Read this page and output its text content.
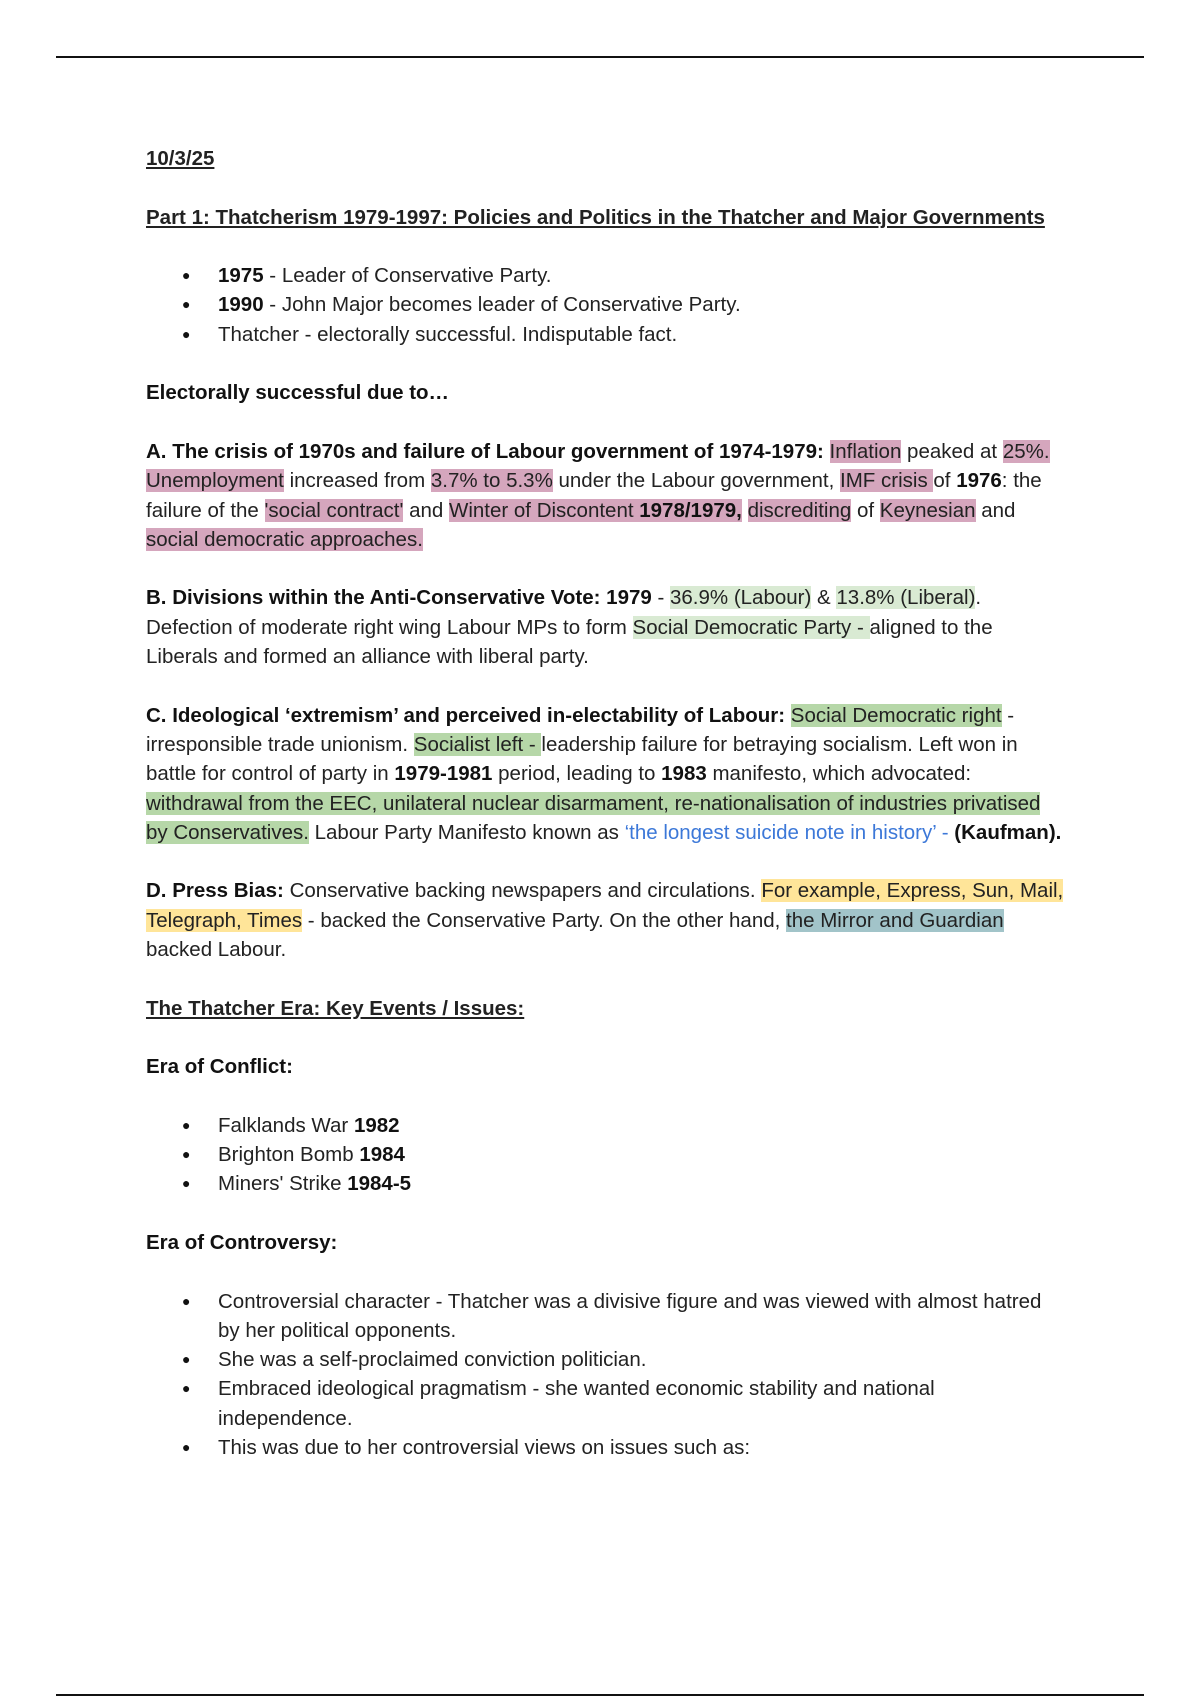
10/3/25

Part 1: Thatcherism 1979-1997: Policies and Politics in the Thatcher and Major Governments

● 1975 - Leader of Conservative Party.
● 1990 - John Major becomes leader of Conservative Party.
● Thatcher - electorally successful. Indisputable fact.

Electorally successful due to…

A. The crisis of 1970s and failure of Labour government of 1974-1979: Inflation peaked at 25%. Unemployment increased from 3.7% to 5.3% under the Labour government, IMF crisis of 1976: the failure of the 'social contract' and Winter of Discontent 1978/1979, discrediting of Keynesian and social democratic approaches.

B. Divisions within the Anti-Conservative Vote: 1979 - 36.9% (Labour) & 13.8% (Liberal). Defection of moderate right wing Labour MPs to form Social Democratic Party - aligned to the Liberals and formed an alliance with liberal party.

C. Ideological ‘extremism’ and perceived in-electability of Labour: Social Democratic right - irresponsible trade unionism. Socialist left - leadership failure for betraying socialism. Left won in battle for control of party in 1979-1981 period, leading to 1983 manifesto, which advocated: withdrawal from the EEC, unilateral nuclear disarmament, re-nationalisation of industries privatised by Conservatives. Labour Party Manifesto known as ‘the longest suicide note in history’ - (Kaufman).

D. Press Bias: Conservative backing newspapers and circulations. For example, Express, Sun, Mail, Telegraph, Times - backed the Conservative Party. On the other hand, the Mirror and Guardian backed Labour.

The Thatcher Era: Key Events / Issues:

Era of Conflict:

● Falklands War 1982
● Brighton Bomb 1984
● Miners' Strike 1984-5

Era of Controversy:

● Controversial character - Thatcher was a divisive figure and was viewed with almost hatred by her political opponents.
● She was a self-proclaimed conviction politician.
● Embraced ideological pragmatism - she wanted economic stability and national independence.
● This was due to her controversial views on issues such as:
